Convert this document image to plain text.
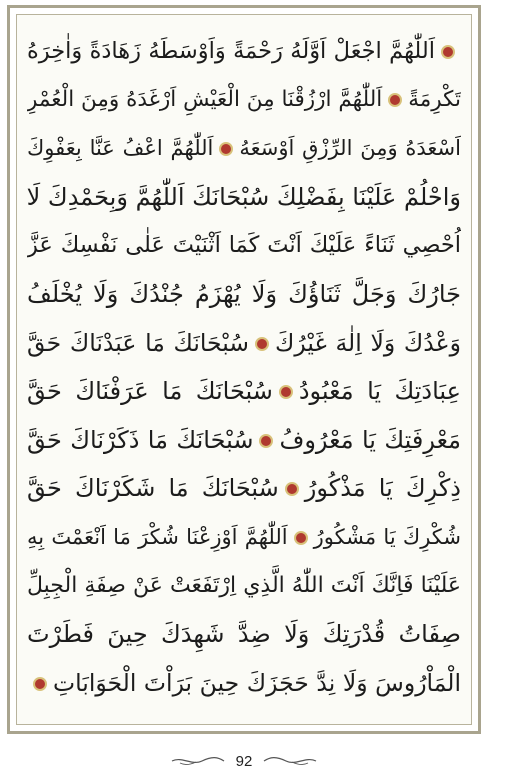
اَللّٰهُمَّ اجْعَلْ اَوَّلَهُ رَحْمَةً وَاَوْسَطَهُ زَهَادَةً وَاٰخِرَهُ
تَكْرِمَةًاَللّٰهُمَّ ارْزُقْنَا مِنَ الْعَيْشِ اَرْغَدَهُ وَمِنَ الْعُمْرِ
اَسْعَدَهُ وَمِنَ الرِّزْقِ اَوْسَعَهُاَللّٰهُمَّ اعْفُ عَنَّا بِعَفْوِكَ
وَاحْلُمْ عَلَيْنَا بِفَضْلِكَ سُبْحَانَكَ اَللّٰهُمَّ وَبِحَمْدِكَ لَا
اُحْصِي ثَنَاءً عَلَيْكَ اَنْتَ كَمَا اَثْنَيْتَ عَلٰى نَفْسِكَ عَزَّ
جَارُكَ وَجَلَّ ثَنَاؤُكَ وَلَا يُهْزَمُ جُنْدُكَ وَلَا يُخْلَفُ
وَعْدُكَ وَلَا اِلٰهَ غَيْرُكَسُبْحَانَكَ مَا عَبَدْنَاكَ حَقَّ
عِبَادَتِكَ يَا مَعْبُودُسُبْحَانَكَ مَا عَرَفْنَاكَ حَقَّ
مَعْرِفَتِكَ يَا مَعْرُوفُسُبْحَانَكَ مَا ذَكَرْنَاكَ حَقَّ
ذِكْرِكَ يَا مَذْكُورُسُبْحَانَكَ مَا شَكَرْنَاكَ حَقَّ
شُكْرِكَ يَا مَشْكُورُاَللّٰهُمَّ اَوْزِعْنَا شُكْرَ مَا اَنْعَمْتَ بِهِ
عَلَيْنَا فَاِنَّكَ اَنْتَ اللّٰهُ الَّذِي اِرْتَفَعَتْ عَنْ صِفَةِ الْجِبِلِّ
صِفَاتُ قُدْرَتِكَ وَلَا ضِدَّ شَهِدَكَ حِينَ فَطَرْتَ
الْمَاْرُوسَ وَلَا نِدَّ حَجَزَكَ حِينَ بَرَاْتَ الْحَوَابَاتِ
92
